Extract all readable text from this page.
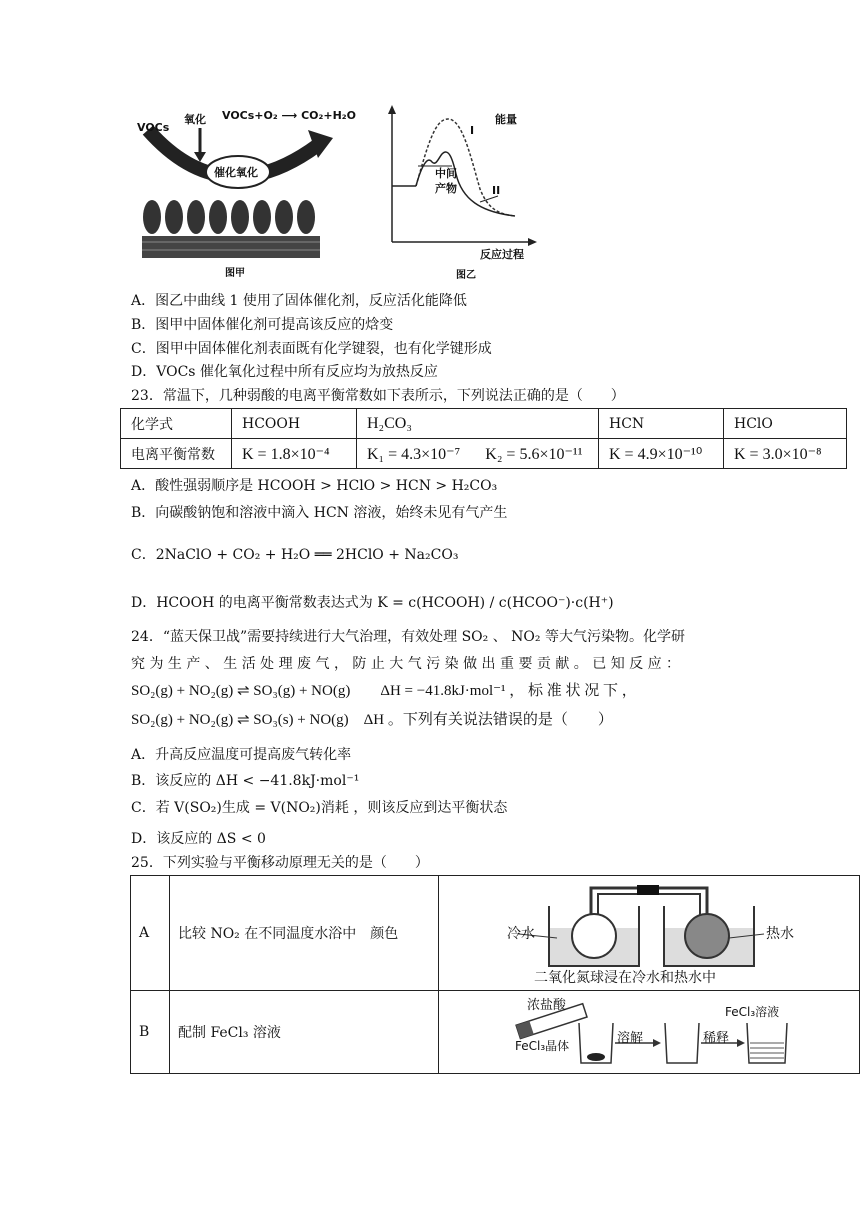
VOCs
氧化 VOCs+O₂ ⟶ CO₂+H₂O
催化氧化
图甲
能量
I
中间
产物	II
反应过程
图乙
A．图乙中曲线 1 使用了固体催化剂，反应活化能降低
B．图甲中固体催化剂可提高该反应的焓变
C．图甲中固体催化剂表面既有化学键裂，也有化学键形成
D．VOCs 催化氧化过程中所有反应均为放热反应
23．常温下，几种弱酸的电离平衡常数如下表所示，下列说法正确的是（　　）
化学式	HCOOH	H₂CO₃		HCN	HClO
电离平衡常数	K = 1.8×10⁻⁴	K₁ = 4.3×10⁻⁷	K₂ = 5.6×10⁻¹¹	K = 4.9×10⁻¹⁰	K = 3.0×10⁻⁸
A．酸性强弱顺序是 HCOOH > HClO > HCN > H₂CO₃
B．向碳酸钠饱和溶液中滴入 HCN 溶液，始终未见有气产生
C．2NaClO + CO₂ + H₂O ══ 2HClO + Na₂CO₃
D．HCOOH 的电离平衡常数表达式为 K = c(HCOOH) / c(HCOO⁻)·c(H⁺)
24．“蓝天保卫战”需要持续进行大气治理，有效处理 SO₂ 、 NO₂ 等大气污染物。化学研
究 为 生 产 、 生 活 处 理 废 气 ， 防 止 大 气 污 染 做 出 重 要 贡 献 。 已 知 反 应 ：
SO₂(g) + NO₂(g) ⇌ SO₃(g) + NO(g)　　ΔH = −41.8kJ·mol⁻¹ ， 标 准 状 况 下 ，
SO₂(g) + NO₂(g) ⇌ SO₃(s) + NO(g)　ΔH 。下列有关说法错误的是（　　）
A．升高反应温度可提高废气转化率
B．该反应的 ΔH < −41.8kJ·mol⁻¹
C．若 V(SO₂)生成 = V(NO₂)消耗 ，则该反应到达平衡状态
D．该反应的 ΔS < 0
25．下列实验与平衡移动原理无关的是（　　）
A	比较 NO₂ 在不同温度水浴中　颜色	冷水 热水
二氧化氮球浸在冷水和热水中

B	配制 FeCl₃ 溶液	浓盐酸
FeCl₃晶体 溶解 稀释
FeCl₃溶液
